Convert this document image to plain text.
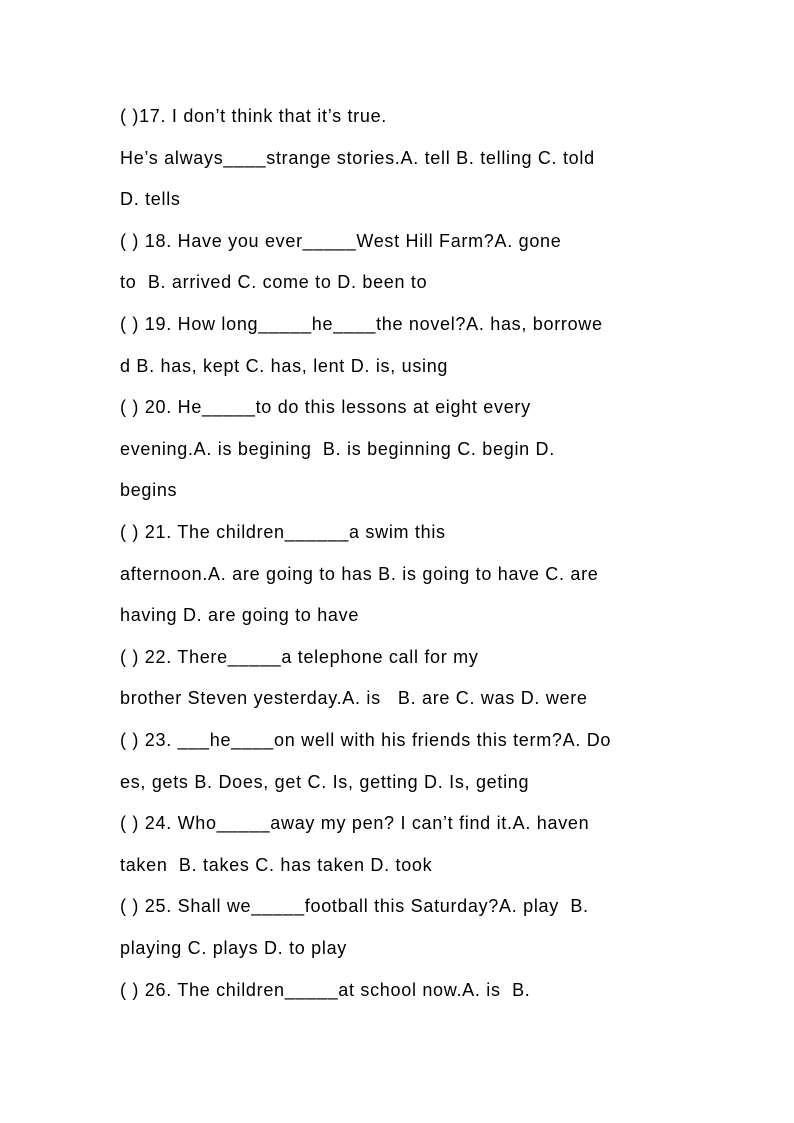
( )17. I don’t think that it’s true.
He’s always____strange stories.A. tell B. telling C. told
D. tells
( ) 18. Have you ever_____West Hill Farm?A. gone
to  B. arrived C. come to D. been to
( ) 19. How long_____he____the novel?A. has, borrowe
d B. has, kept C. has, lent D. is, using
( ) 20. He_____to do this lessons at eight every
evening.A. is begining  B. is beginning C. begin D.
begins
( ) 21. The children______a swim this
afternoon.A. are going to has B. is going to have C. are
having D. are going to have
( ) 22. There_____a telephone call for my
brother Steven yesterday.A. is   B. are C. was D. were
( ) 23. ___he____on well with his friends this term?A. Do
es, gets B. Does, get C. Is, getting D. Is, geting
( ) 24. Who_____away my pen? I can’t find it.A. haven
taken  B. takes C. has taken D. took
( ) 25. Shall we_____football this Saturday?A. play  B.
playing C. plays D. to play
( ) 26. The children_____at school now.A. is  B.
